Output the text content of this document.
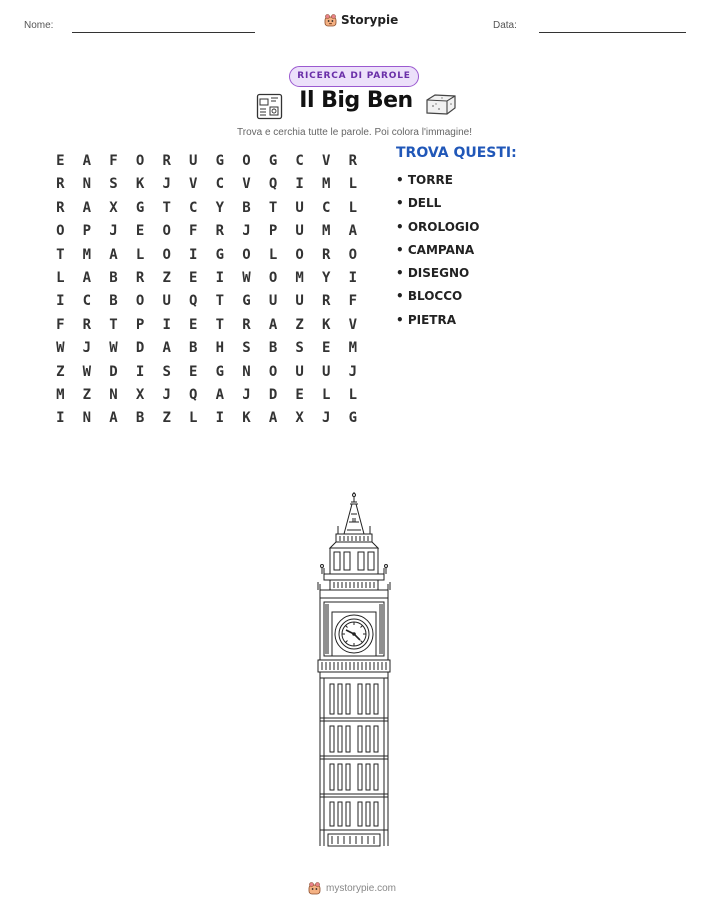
Nome:	Storypie	Data:
RICERCA DI PAROLE
Il Big Ben
Trova e cerchia tutte le parole. Poi colora l'immagine!
E	A	F	O	R	U	G	O	G	C	V	R
R	N	S	K	J	V	C	V	Q	I	M	L
R	A	X	G	T	C	Y	B	T	U	C	L
O	P	J	E	O	F	R	J	P	U	M	A
T	M	A	L	O	I	G	O	L	O	R	O
L	A	B	R	Z	E	I	W	O	M	Y	I
I	C	B	O	U	Q	T	G	U	U	R	F
F	R	T	P	I	E	T	R	A	Z	K	V
W	J	W	D	A	B	H	S	B	S	E	M
Z	W	D	I	S	E	G	N	O	U	U	J
M	Z	N	X	J	Q	A	J	D	E	L	L
I	N	A	B	Z	L	I	K	A	X	J	G
TROVA QUESTI:
• TORRE
• DELL
• OROLOGIO
• CAMPANA
• DISEGNO
• BLOCCO
• PIETRA
mystorypie.com
